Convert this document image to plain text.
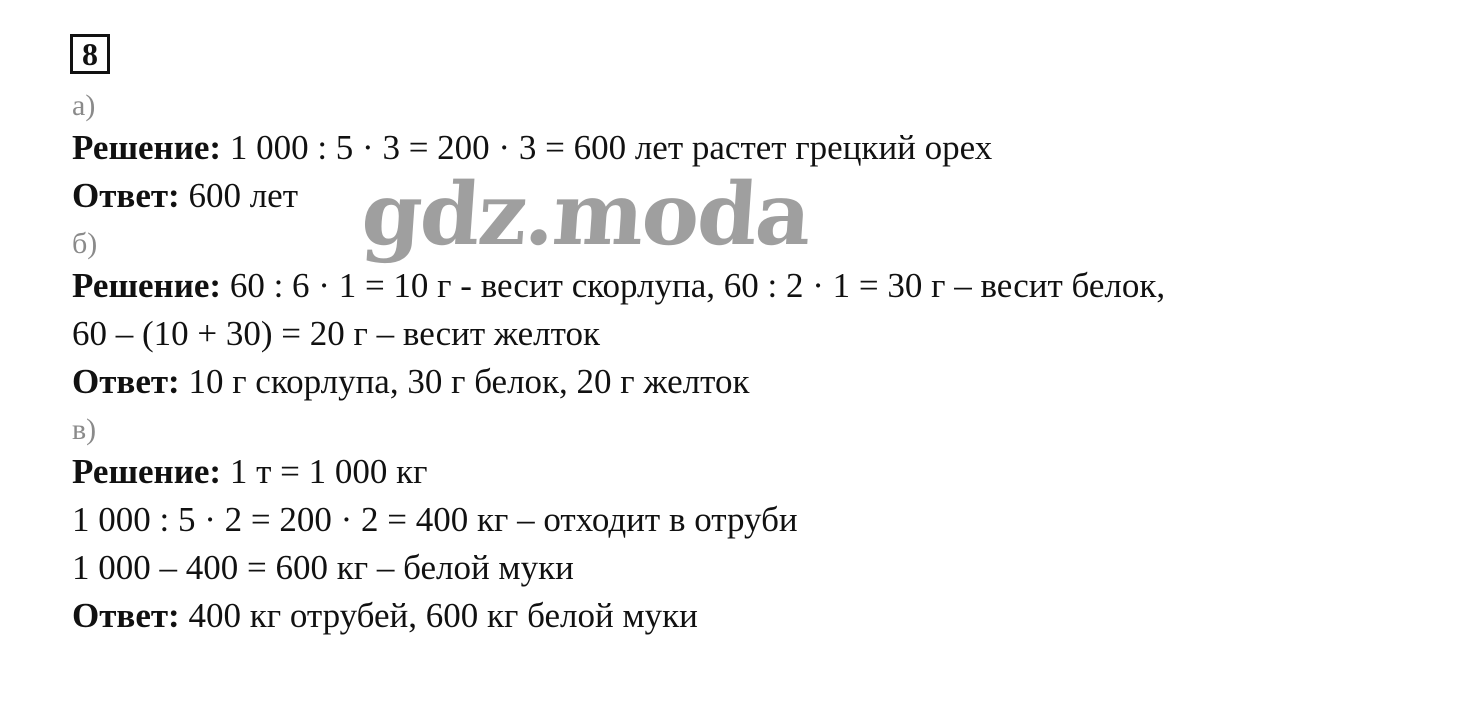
8
а)
Решение: 1 000 : 5 · 3 = 200 · 3 = 600 лет растет грецкий орех
Ответ: 600 лет
б)
Решение: 60 : 6 · 1 = 10 г - весит скорлупа, 60 : 2 · 1 = 30 г – весит белок,
60 – (10 + 30) = 20 г – весит желток
Ответ: 10 г скорлупа, 30 г белок, 20 г желток
в)
Решение: 1 т = 1 000 кг
1 000 : 5 · 2 = 200 · 2 = 400 кг – отходит в отруби
1 000 – 400 = 600 кг – белой муки
Ответ: 400 кг отрубей, 600 кг белой муки
gdz.moda
